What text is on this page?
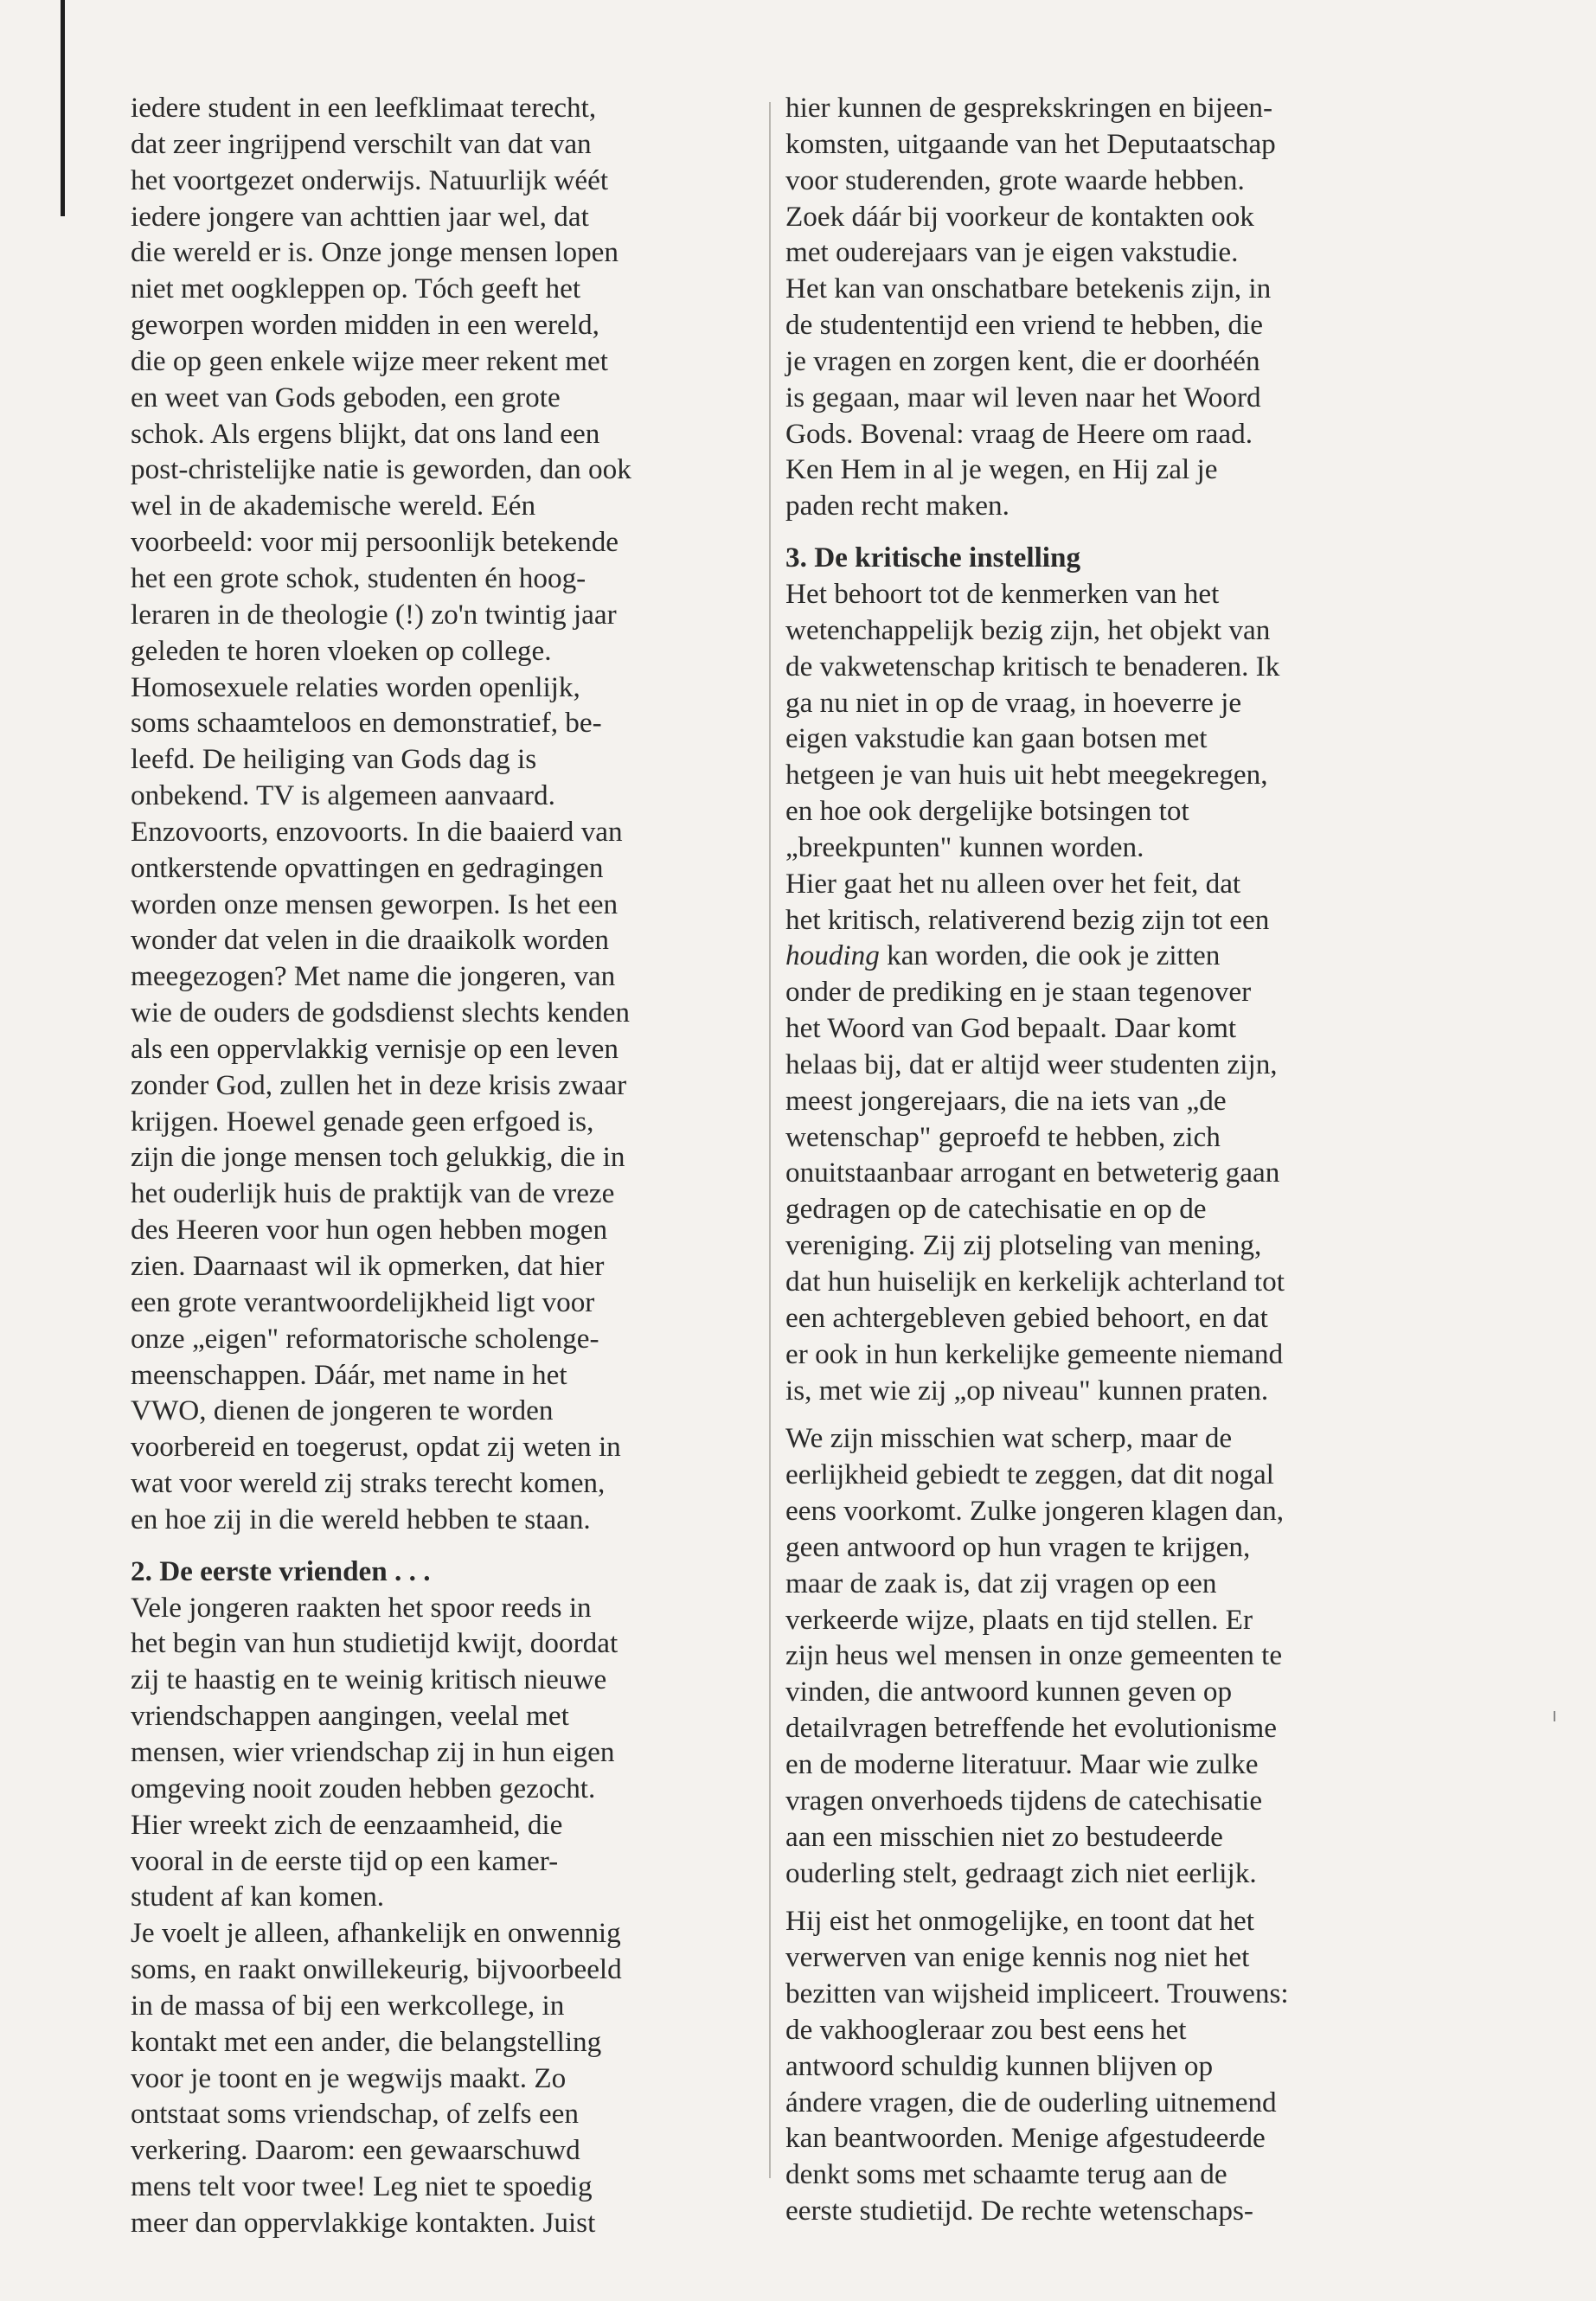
iedere student in een leefklimaat terecht,
dat zeer ingrijpend verschilt van dat van
het voortgezet onderwijs. Natuurlijk wéét
iedere jongere van achttien jaar wel, dat
die wereld er is. Onze jonge mensen lopen
niet met oogkleppen op. Tóch geeft het
geworpen worden midden in een wereld,
die op geen enkele wijze meer rekent met
en weet van Gods geboden, een grote
schok. Als ergens blijkt, dat ons land een
post-christelijke natie is geworden, dan ook
wel in de akademische wereld. Eén
voorbeeld: voor mij persoonlijk betekende
het een grote schok, studenten én hoog-
leraren in de theologie (!) zo'n twintig jaar
geleden te horen vloeken op college.
Homosexuele relaties worden openlijk,
soms schaamteloos en demonstratief, be-
leefd. De heiliging van Gods dag is
onbekend. TV is algemeen aanvaard.
Enzovoorts, enzovoorts. In die baaierd van
ontkerstende opvattingen en gedragingen
worden onze mensen geworpen. Is het een
wonder dat velen in die draaikolk worden
meegezogen? Met name die jongeren, van
wie de ouders de godsdienst slechts kenden
als een oppervlakkig vernisje op een leven
zonder God, zullen het in deze krisis zwaar
krijgen. Hoewel genade geen erfgoed is,
zijn die jonge mensen toch gelukkig, die in
het ouderlijk huis de praktijk van de vreze
des Heeren voor hun ogen hebben mogen
zien. Daarnaast wil ik opmerken, dat hier
een grote verantwoordelijkheid ligt voor
onze „eigen" reformatorische scholenge-
meenschappen. Dáár, met name in het
VWO, dienen de jongeren te worden
voorbereid en toegerust, opdat zij weten in
wat voor wereld zij straks terecht komen,
en hoe zij in die wereld hebben te staan.
2. De eerste vrienden . . .
Vele jongeren raakten het spoor reeds in
het begin van hun studietijd kwijt, doordat
zij te haastig en te weinig kritisch nieuwe
vriendschappen aangingen, veelal met
mensen, wier vriendschap zij in hun eigen
omgeving nooit zouden hebben gezocht.
Hier wreekt zich de eenzaamheid, die
vooral in de eerste tijd op een kamer-
student af kan komen.
Je voelt je alleen, afhankelijk en onwennig
soms, en raakt onwillekeurig, bijvoorbeeld
in de massa of bij een werkcollege, in
kontakt met een ander, die belangstelling
voor je toont en je wegwijs maakt. Zo
ontstaat soms vriendschap, of zelfs een
verkering. Daarom: een gewaarschuwd
mens telt voor twee! Leg niet te spoedig
meer dan oppervlakkige kontakten. Juist
hier kunnen de gesprekskringen en bijeen-
komsten, uitgaande van het Deputaatschap
voor studerenden, grote waarde hebben.
Zoek dáár bij voorkeur de kontakten ook
met ouderejaars van je eigen vakstudie.
Het kan van onschatbare betekenis zijn, in
de studententijd een vriend te hebben, die
je vragen en zorgen kent, die er doorhéén
is gegaan, maar wil leven naar het Woord
Gods. Bovenal: vraag de Heere om raad.
Ken Hem in al je wegen, en Hij zal je
paden recht maken.
3. De kritische instelling
Het behoort tot de kenmerken van het
wetenchappelijk bezig zijn, het objekt van
de vakwetenschap kritisch te benaderen. Ik
ga nu niet in op de vraag, in hoeverre je
eigen vakstudie kan gaan botsen met
hetgeen je van huis uit hebt meegekregen,
en hoe ook dergelijke botsingen tot
„breekpunten" kunnen worden.
Hier gaat het nu alleen over het feit, dat
het kritisch, relativerend bezig zijn tot een
houding kan worden, die ook je zitten
onder de prediking en je staan tegenover
het Woord van God bepaalt. Daar komt
helaas bij, dat er altijd weer studenten zijn,
meest jongerejaars, die na iets van „de
wetenschap" geproefd te hebben, zich
onuitstaanbaar arrogant en betweterig gaan
gedragen op de catechisatie en op de
vereniging. Zij zij plotseling van mening,
dat hun huiselijk en kerkelijk achterland tot
een achtergebleven gebied behoort, en dat
er ook in hun kerkelijke gemeente niemand
is, met wie zij „op niveau" kunnen praten.
We zijn misschien wat scherp, maar de
eerlijkheid gebiedt te zeggen, dat dit nogal
eens voorkomt. Zulke jongeren klagen dan,
geen antwoord op hun vragen te krijgen,
maar de zaak is, dat zij vragen op een
verkeerde wijze, plaats en tijd stellen. Er
zijn heus wel mensen in onze gemeenten te
vinden, die antwoord kunnen geven op
detailvragen betreffende het evolutionisme
en de moderne literatuur. Maar wie zulke
vragen onverhoeds tijdens de catechisatie
aan een misschien niet zo bestudeerde
ouderling stelt, gedraagt zich niet eerlijk.
Hij eist het onmogelijke, en toont dat het
verwerven van enige kennis nog niet het
bezitten van wijsheid impliceert. Trouwens:
de vakhoogleraar zou best eens het
antwoord schuldig kunnen blijven op
ándere vragen, die de ouderling uitnemend
kan beantwoorden. Menige afgestudeerde
denkt soms met schaamte terug aan de
eerste studietijd. De rechte wetenschaps-
